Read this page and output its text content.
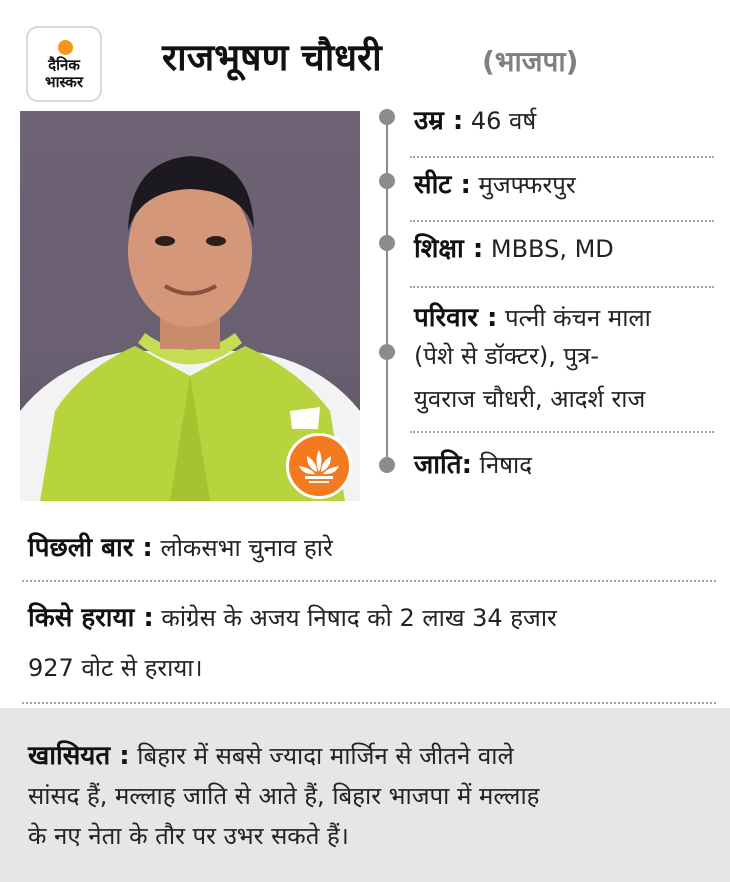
दैनिक
भास्कर
राजभूषण चौधरी	(भाजपा)
उम्र : 46 वर्ष
सीट : मुजफ्फरपुर
शिक्षा : MBBS, MD
परिवार : पत्नी कंचन माला
(पेशे से डॉक्टर), पुत्र-
युवराज चौधरी, आदर्श राज
जाति: निषाद
पिछली बार : लोकसभा चुनाव हारे
किसे हराया : कांग्रेस के अजय निषाद को 2 लाख 34 हजार
927 वोट से हराया।
खासियत : बिहार में सबसे ज्यादा मार्जिन से जीतने वाले
सांसद हैं, मल्लाह जाति से आते हैं, बिहार भाजपा में मल्लाह
के नए नेता के तौर पर उभर सकते हैं।
